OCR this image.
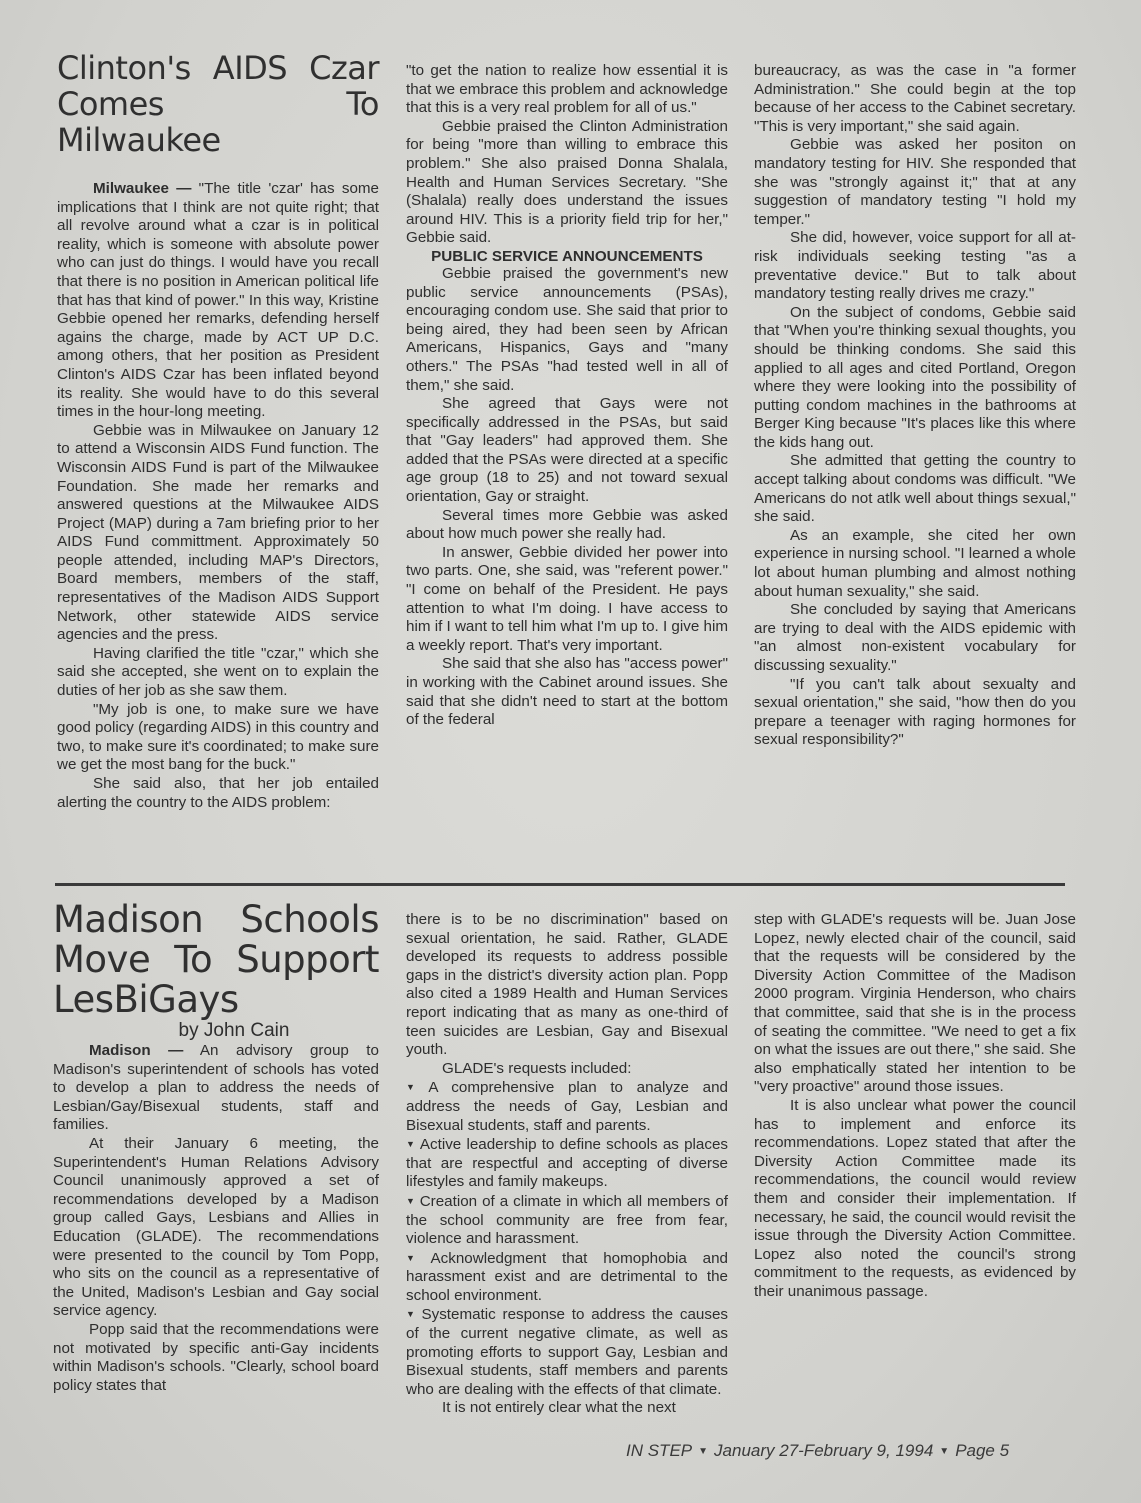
Clinton's AIDS Czar Comes To Milwaukee

Milwaukee — "The title 'czar' has some implications that I think are not quite right; that all revolve around what a czar is in political reality, which is someone with absolute power who can just do things. I would have you recall that there is no position in American political life that has that kind of power." In this way, Kristine Gebbie opened her remarks, defending herself agains the charge, made by ACT UP D.C. among others, that her position as President Clinton's AIDS Czar has been inflated beyond its reality. She would have to do this several times in the hour-long meeting.

Gebbie was in Milwaukee on January 12 to attend a Wisconsin AIDS Fund function. The Wisconsin AIDS Fund is part of the Milwaukee Foundation. She made her remarks and answered questions at the Milwaukee AIDS Project (MAP) during a 7am briefing prior to her AIDS Fund committment. Approximately 50 people attended, including MAP's Directors, Board members, members of the staff, representatives of the Madison AIDS Support Network, other statewide AIDS service agencies and the press.

Having clarified the title "czar," which she said she accepted, she went on to explain the duties of her job as she saw them.

"My job is one, to make sure we have good policy (regarding AIDS) in this country and two, to make sure it's coordinated; to make sure we get the most bang for the buck."

She said also, that her job entailed alerting the country to the AIDS problem:

"to get the nation to realize how essential it is that we embrace this problem and acknowledge that this is a very real problem for all of us."

Gebbie praised the Clinton Administration for being "more than willing to embrace this problem." She also praised Donna Shalala, Health and Human Services Secretary. "She (Shalala) really does understand the issues around HIV. This is a priority field trip for her," Gebbie said.

PUBLIC SERVICE ANNOUNCEMENTS

Gebbie praised the government's new public service announcements (PSAs), encouraging condom use. She said that prior to being aired, they had been seen by African Americans, Hispanics, Gays and "many others." The PSAs "had tested well in all of them," she said.

She agreed that Gays were not specifically addressed in the PSAs, but said that "Gay leaders" had approved them. She added that the PSAs were directed at a specific age group (18 to 25) and not toward sexual orientation, Gay or straight.

Several times more Gebbie was asked about how much power she really had.

In answer, Gebbie divided her power into two parts. One, she said, was "referent power." "I come on behalf of the President. He pays attention to what I'm doing. I have access to him if I want to tell him what I'm up to. I give him a weekly report. That's very important.

She said that she also has "access power" in working with the Cabinet around issues. She said that she didn't need to start at the bottom of the federal

bureaucracy, as was the case in "a former Administration." She could begin at the top because of her access to the Cabinet secretary. "This is very important," she said again.

Gebbie was asked her positon on mandatory testing for HIV. She responded that she was "strongly against it;" that at any suggestion of mandatory testing "I hold my temper."

She did, however, voice support for all at-risk individuals seeking testing "as a preventative device." But to talk about mandatory testing really drives me crazy."

On the subject of condoms, Gebbie said that "When you're thinking sexual thoughts, you should be thinking condoms. She said this applied to all ages and cited Portland, Oregon where they were looking into the possibility of putting condom machines in the bathrooms at Berger King because "It's places like this where the kids hang out.

She admitted that getting the country to accept talking about condoms was difficult. "We Americans do not atlk well about things sexual," she said.

As an example, she cited her own experience in nursing school. "I learned a whole lot about human plumbing and almost nothing about human sexuality," she said.

She concluded by saying that Americans are trying to deal with the AIDS epidemic with "an almost non-existent vocabulary for discussing sexuality."

"If you can't talk about sexualty and sexual orientation," she said, "how then do you prepare a teenager with raging hormones for sexual responsibility?"

Madison Schools Move To Support LesBiGays

by John Cain

Madison — An advisory group to Madison's superintendent of schools has voted to develop a plan to address the needs of Lesbian/Gay/Bisexual students, staff and families.

At their January 6 meeting, the Superintendent's Human Relations Advisory Council unanimously approved a set of recommendations developed by a Madison group called Gays, Lesbians and Allies in Education (GLADE). The recommendations were presented to the council by Tom Popp, who sits on the council as a representative of the United, Madison's Lesbian and Gay social service agency.

Popp said that the recommendations were not motivated by specific anti-Gay incidents within Madison's schools. "Clearly, school board policy states that

there is to be no discrimination" based on sexual orientation, he said. Rather, GLADE developed its requests to address possible gaps in the district's diversity action plan. Popp also cited a 1989 Health and Human Services report indicating that as many as one-third of teen suicides are Lesbian, Gay and Bisexual youth.

GLADE's requests included:

▼ A comprehensive plan to analyze and address the needs of Gay, Lesbian and Bisexual students, staff and parents.

▼ Active leadership to define schools as places that are respectful and accepting of diverse lifestyles and family makeups.

▼ Creation of a climate in which all members of the school community are free from fear, violence and harassment.

▼ Acknowledgment that homophobia and harassment exist and are detrimental to the school environment.

▼ Systematic response to address the causes of the current negative climate, as well as promoting efforts to support Gay, Lesbian and Bisexual students, staff members and parents who are dealing with the effects of that climate.

It is not entirely clear what the next

step with GLADE's requests will be. Juan Jose Lopez, newly elected chair of the council, said that the requests will be considered by the Diversity Action Committee of the Madison 2000 program. Virginia Henderson, who chairs that committee, said that she is in the process of seating the committee. "We need to get a fix on what the issues are out there," she said. She also emphatically stated her intention to be "very proactive" around those issues.

It is also unclear what power the council has to implement and enforce its recommendations. Lopez stated that after the Diversity Action Committee made its recommendations, the council would review them and consider their implementation. If necessary, he said, the council would revisit the issue through the Diversity Action Committee. Lopez also noted the council's strong commitment to the requests, as evidenced by their unanimous passage.

IN STEP ▼ January 27-February 9, 1994 ▼ Page 5
